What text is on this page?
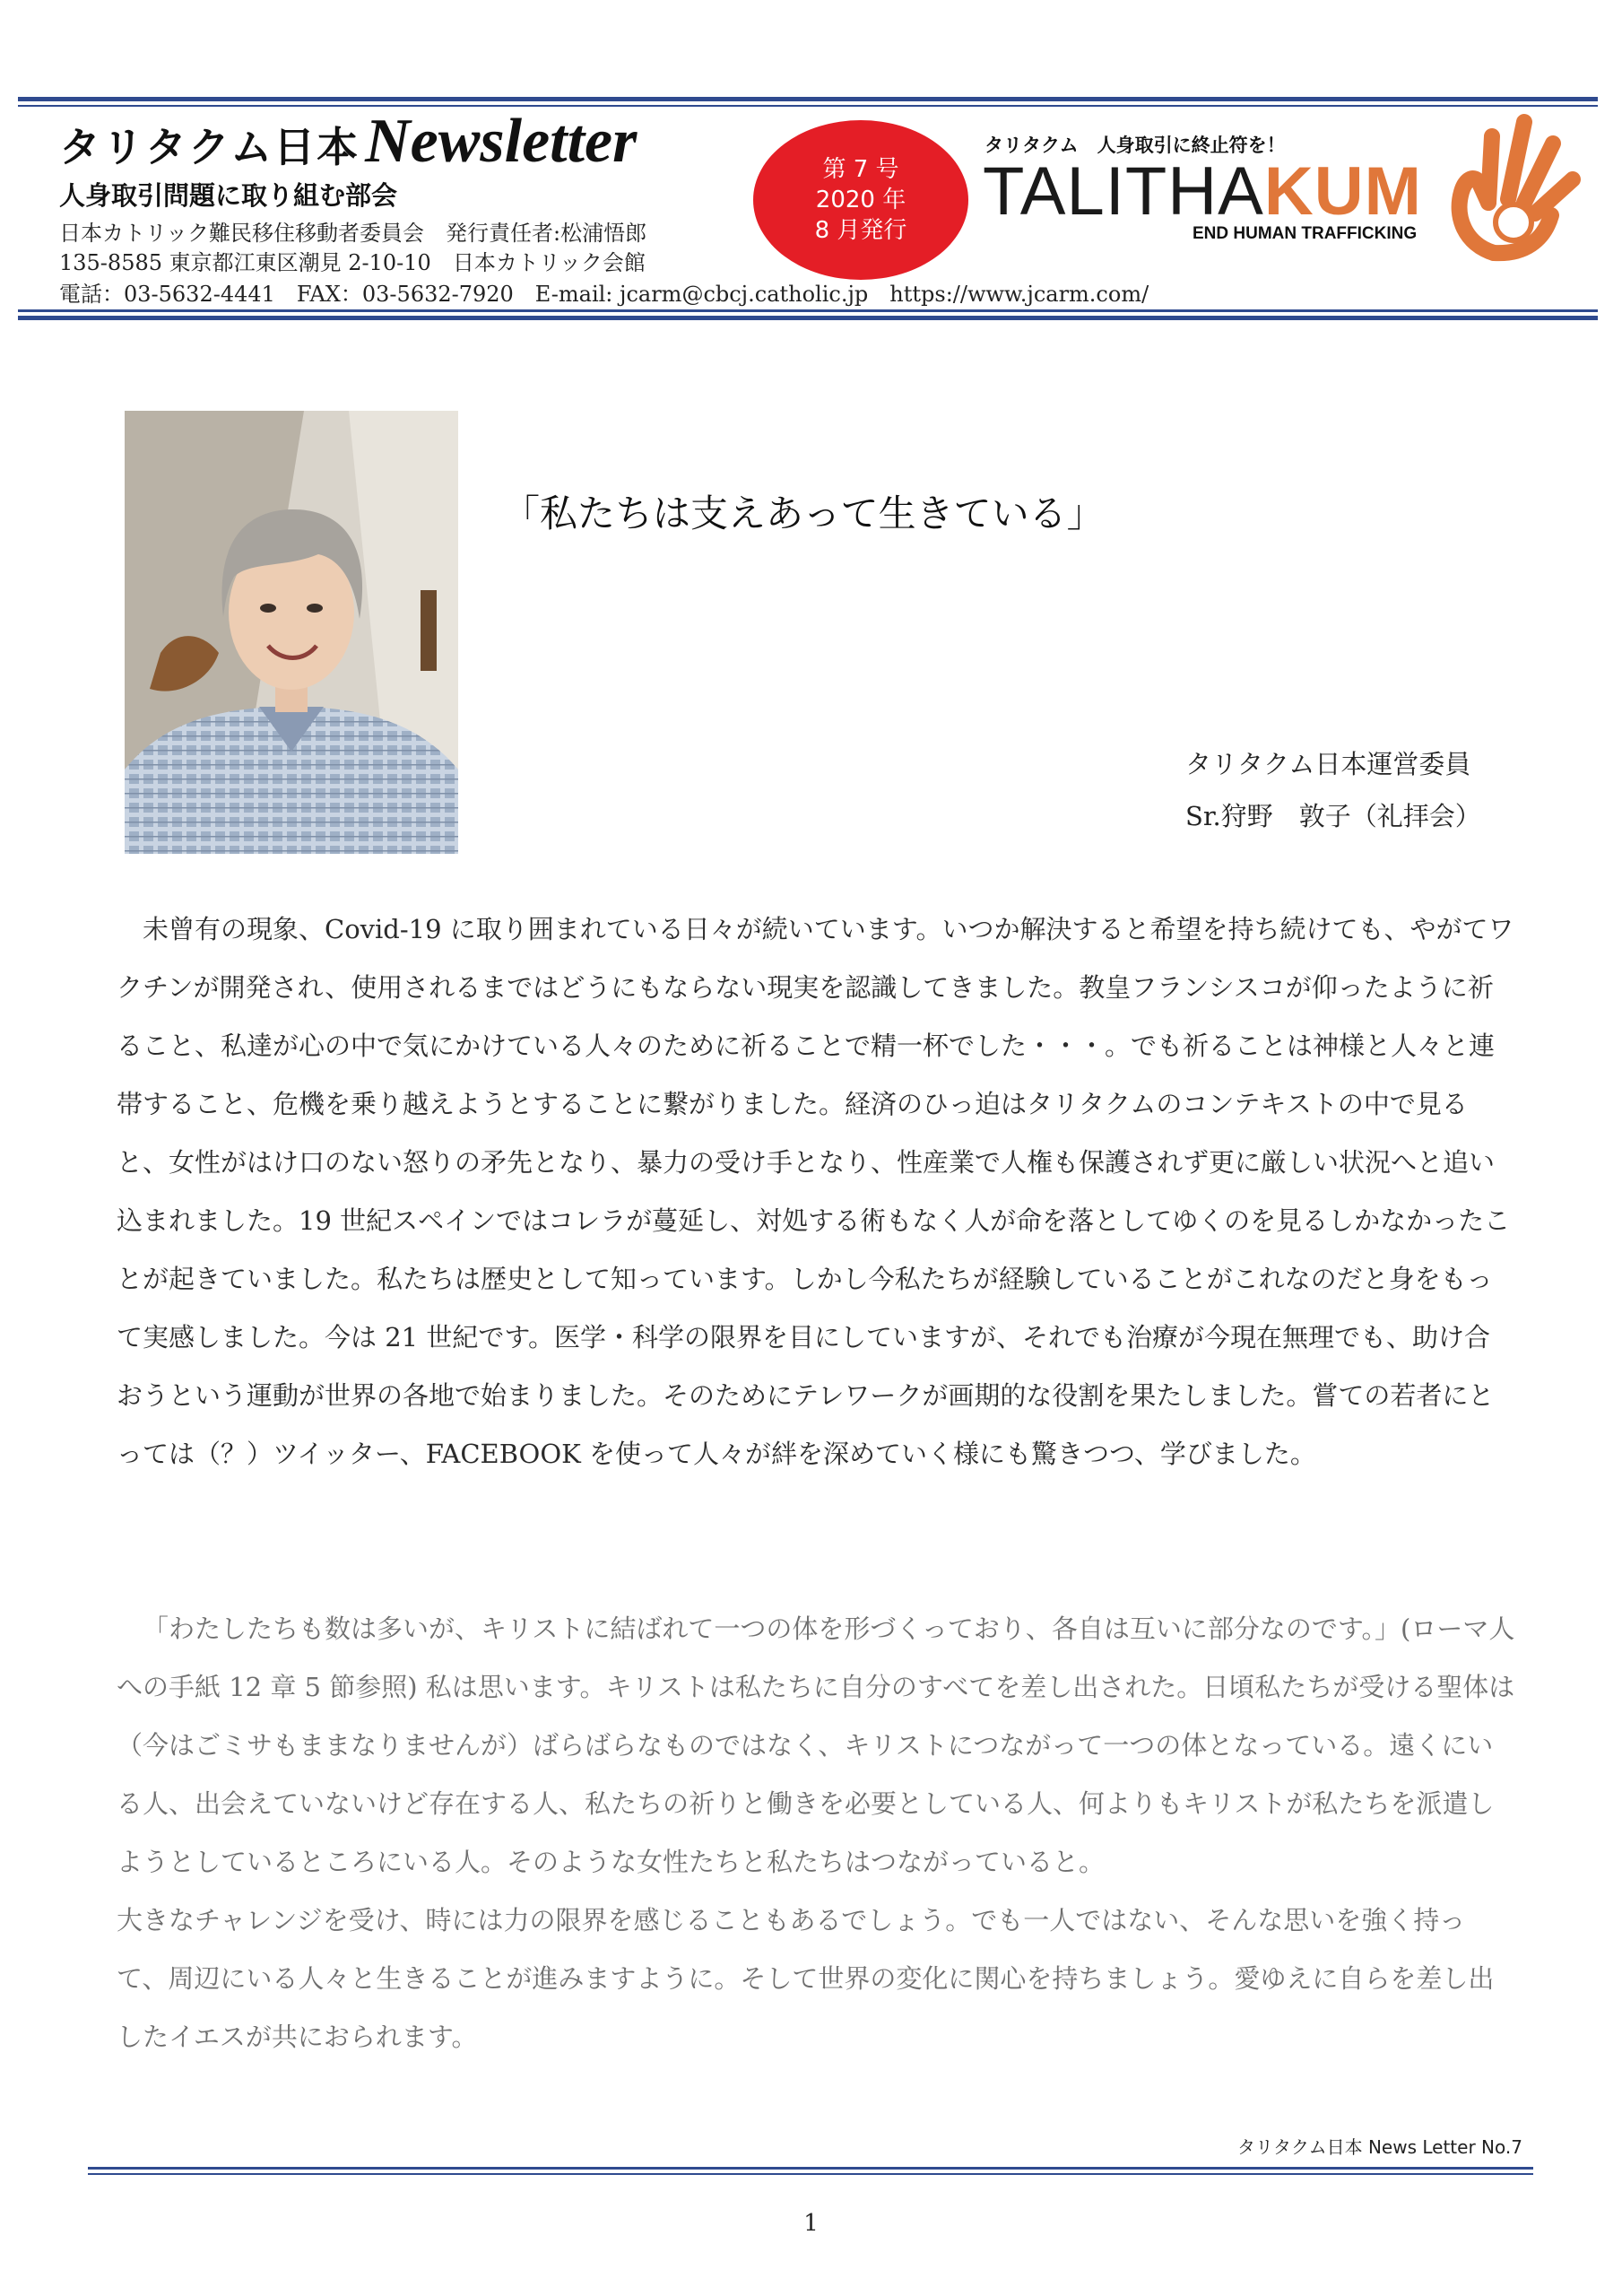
タリタクム日本Newsletter
人身取引問題に取り組む部会
日本カトリック難民移住移動者委員会　発行責任者:松浦悟郎
135-8585 東京都江東区潮見 2-10-10　日本カトリック会館
電話：03-5632-4441　FAX：03-5632-7920　E-mail: jcarm@cbcj.catholic.jp　https://www.jcarm.com/
第 7 号
2020 年
8 月発行
タリタクム　人身取引に終止符を！
TALITHAKUM
END HUMAN TRAFFICKING
「私たちは支えあって生きている」
タリタクム日本運営委員
Sr.狩野　敦子（礼拝会）
未曾有の現象、Covid-19 に取り囲まれている日々が続いています。いつか解決すると希望を持ち続けても、やがてワクチンが開発され、使用されるまではどうにもならない現実を認識してきました。教皇フランシスコが仰ったように祈ること、私達が心の中で気にかけている人々のために祈ることで精一杯でした・・・。でも祈ることは神様と人々と連帯すること、危機を乗り越えようとすることに繋がりました。経済のひっ迫はタリタクムのコンテキストの中で見ると、女性がはけ口のない怒りの矛先となり、暴力の受け手となり、性産業で人権も保護されず更に厳しい状況へと追い込まれました。19 世紀スペインではコレラが蔓延し、対処する術もなく人が命を落としてゆくのを見るしかなかったことが起きていました。私たちは歴史として知っています。しかし今私たちが経験していることがこれなのだと身をもって実感しました。今は 21 世紀です。医学・科学の限界を目にしていますが、それでも治療が今現在無理でも、助け合おうという運動が世界の各地で始まりました。そのためにテレワークが画期的な役割を果たしました。嘗ての若者にとっては（？）ツイッター、FACEBOOK を使って人々が絆を深めていく様にも驚きつつ、学びました。
「わたしたちも数は多いが、キリストに結ばれて一つの体を形づくっており、各自は互いに部分なのです。」(ローマ人への手紙 12 章 5 節参照) 私は思います。キリストは私たちに自分のすべてを差し出された。日頃私たちが受ける聖体は（今はごミサもままなりませんが）ばらばらなものではなく、キリストにつながって一つの体となっている。遠くにいる人、出会えていないけど存在する人、私たちの祈りと働きを必要としている人、何よりもキリストが私たちを派遣しようとしているところにいる人。そのような女性たちと私たちはつながっていると。
大きなチャレンジを受け、時には力の限界を感じることもあるでしょう。でも一人ではない、そんな思いを強く持って、周辺にいる人々と生きることが進みますように。そして世界の変化に関心を持ちましょう。愛ゆえに自らを差し出したイエスが共におられます。
タリタクム日本 News Letter No.7
1
